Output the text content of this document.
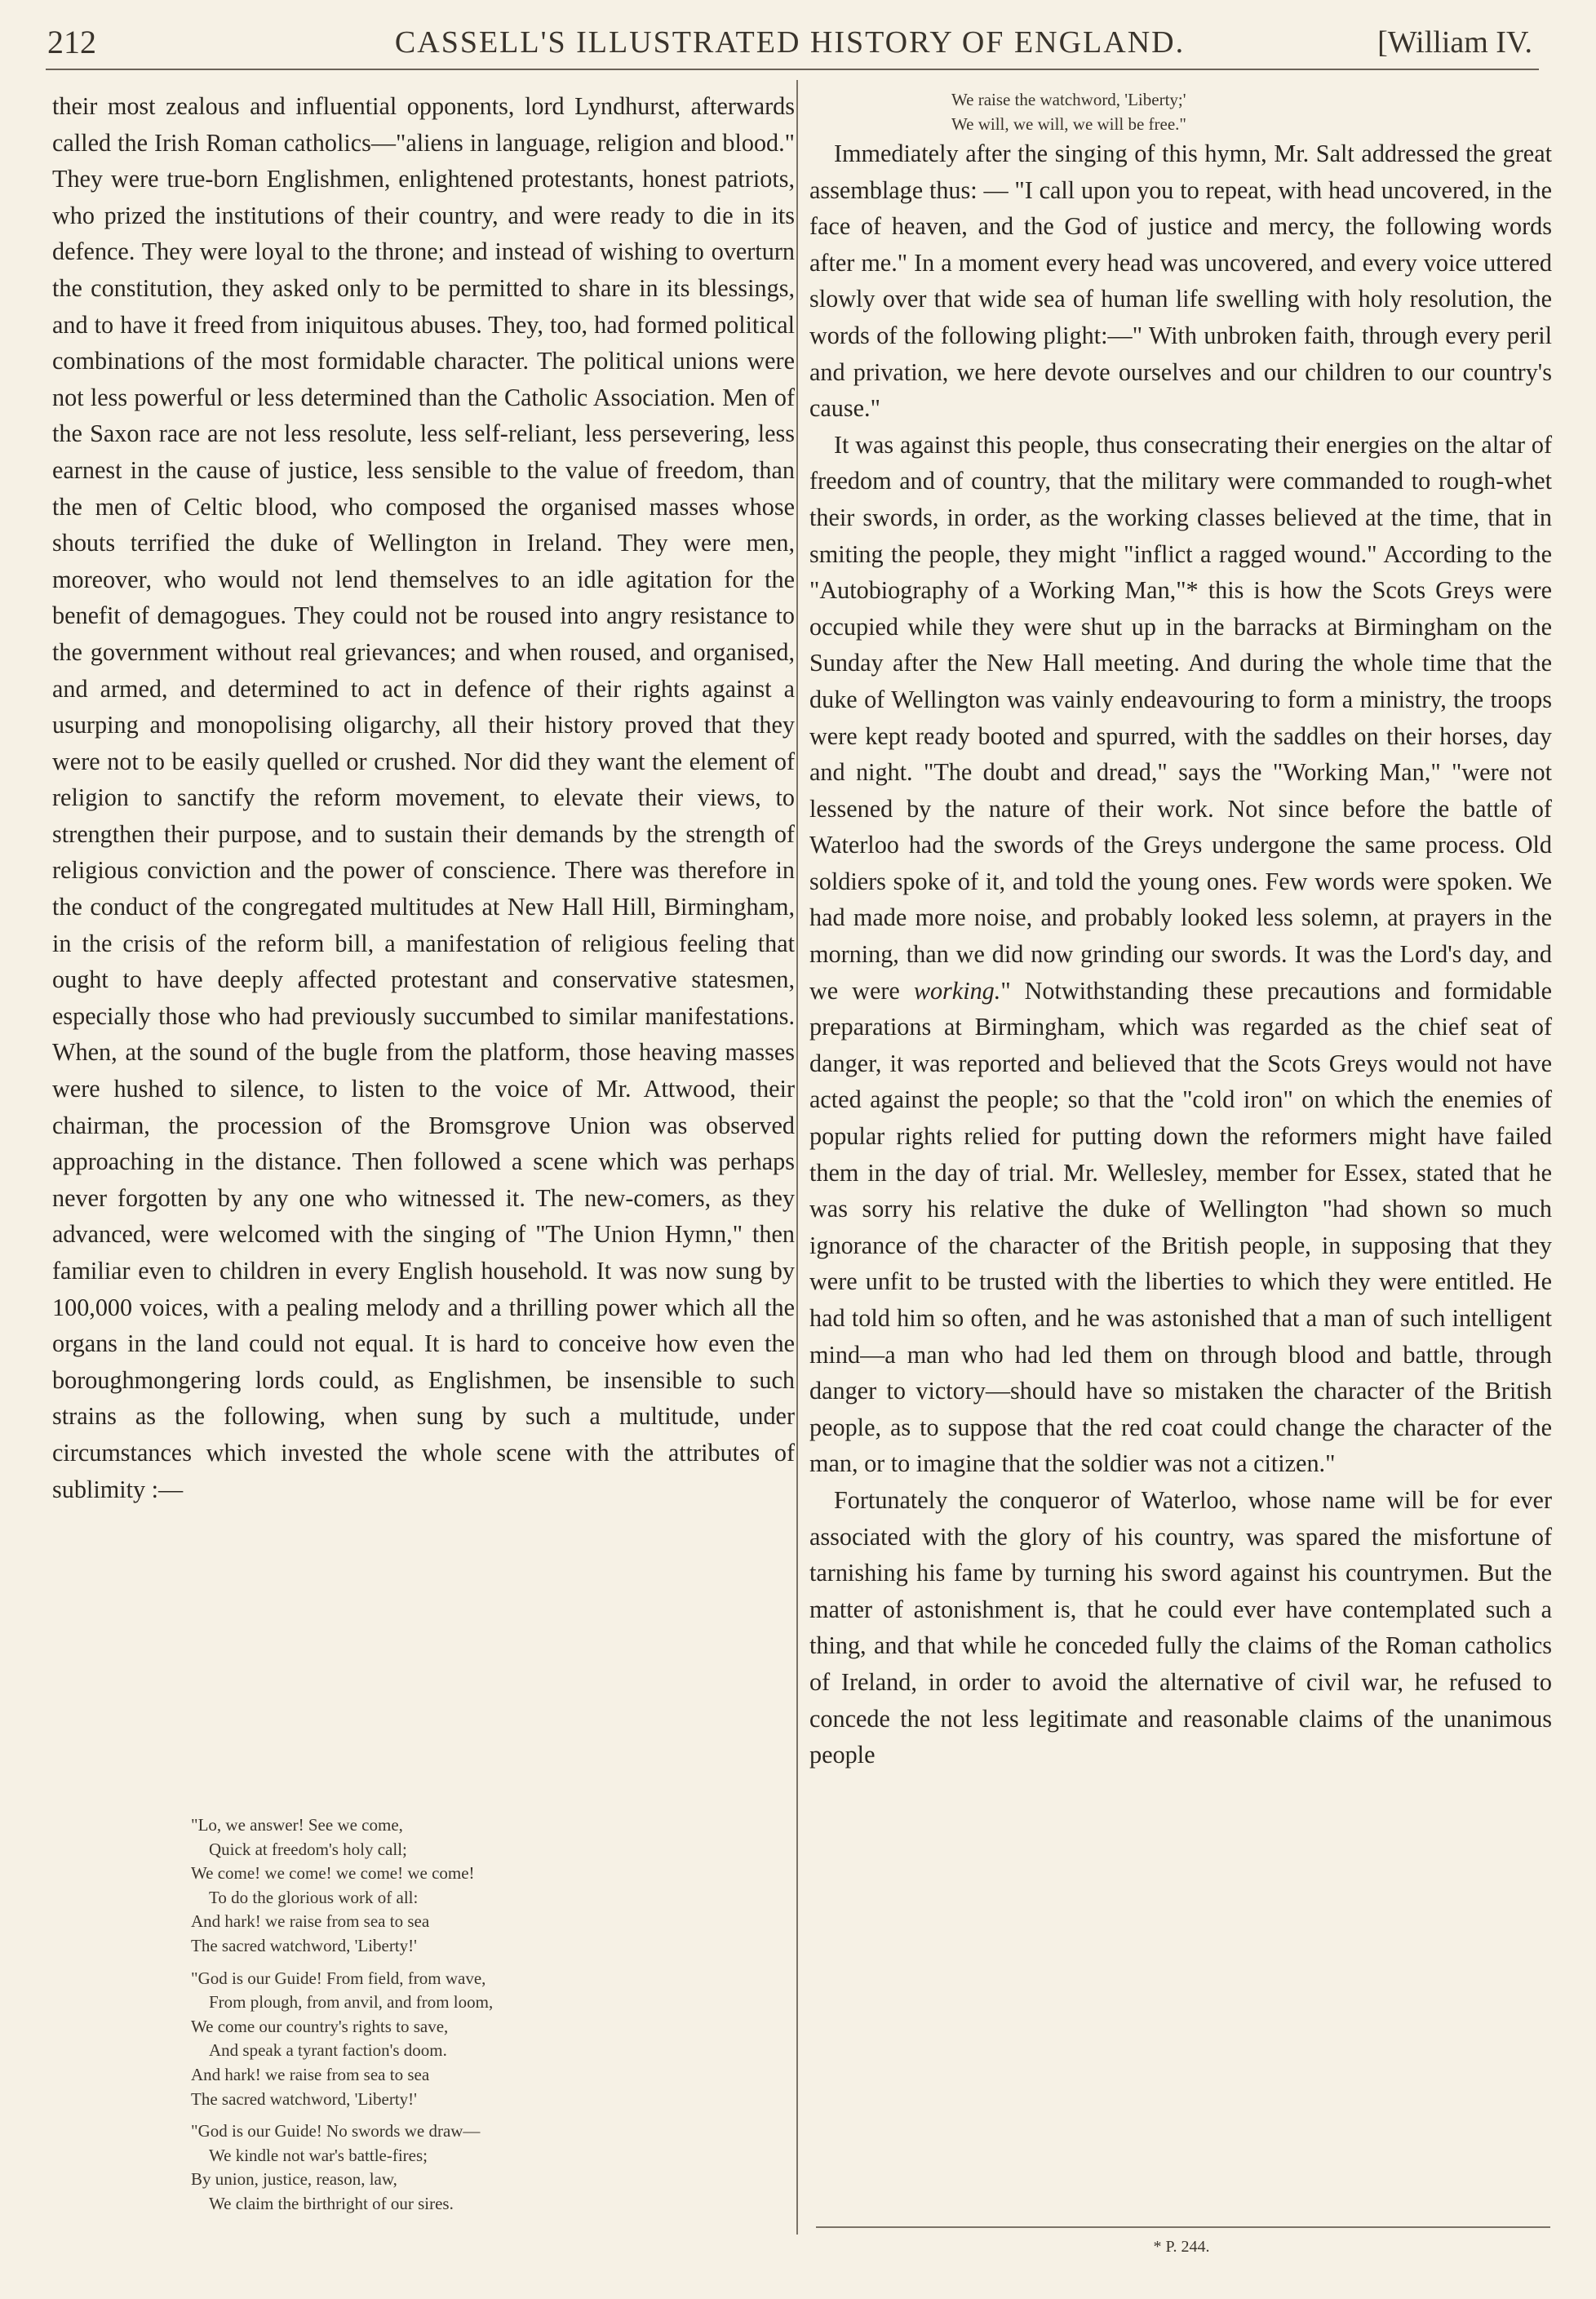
212	CASSELL'S ILLUSTRATED HISTORY OF ENGLAND.	[William IV.

their most zealous and influential opponents, lord Lyndhurst, afterwards called the Irish Roman catholics—"aliens in language, religion and blood." They were true-born Englishmen, enlightened protestants, honest patriots, who prized the institutions of their country, and were ready to die in its defence. They were loyal to the throne; and instead of wishing to overturn the constitution, they asked only to be permitted to share in its blessings, and to have it freed from iniquitous abuses. They, too, had formed political combinations of the most formidable character. The political unions were not less powerful or less determined than the Catholic Association. Men of the Saxon race are not less resolute, less self-reliant, less persevering, less earnest in the cause of justice, less sensible to the value of freedom, than the men of Celtic blood, who composed the organised masses whose shouts terrified the duke of Wellington in Ireland. They were men, moreover, who would not lend themselves to an idle agitation for the benefit of demagogues. They could not be roused into angry resistance to the government without real grievances; and when roused, and organised, and armed, and determined to act in defence of their rights against a usurping and monopolising oligarchy, all their history proved that they were not to be easily quelled or crushed. Nor did they want the element of religion to sanctify the reform movement, to elevate their views, to strengthen their purpose, and to sustain their demands by the strength of religious conviction and the power of conscience. There was therefore in the conduct of the congregated multitudes at New Hall Hill, Birmingham, in the crisis of the reform bill, a manifestation of religious feeling that ought to have deeply affected protestant and conservative statesmen, especially those who had previously succumbed to similar manifestations. When, at the sound of the bugle from the platform, those heaving masses were hushed to silence, to listen to the voice of Mr. Attwood, their chairman, the procession of the Bromsgrove Union was observed approaching in the distance. Then followed a scene which was perhaps never forgotten by any one who witnessed it. The new-comers, as they advanced, were welcomed with the singing of "The Union Hymn," then familiar even to children in every English household. It was now sung by 100,000 voices, with a pealing melody and a thrilling power which all the organs in the land could not equal. It is hard to conceive how even the boroughmongering lords could, as Englishmen, be insensible to such strains as the following, when sung by such a multitude, under circumstances which invested the whole scene with the attributes of sublimity :—

"Lo, we answer! See we come,
Quick at freedom's holy call;
We come! we come! we come! we come!
To do the glorious work of all:
And hark! we raise from sea to sea
The sacred watchword, 'Liberty!'
"God is our Guide! From field, from wave,
From plough, from anvil, and from loom,
We come our country's rights to save,
And speak a tyrant faction's doom.
And hark! we raise from sea to sea
The sacred watchword, 'Liberty!'
"God is our Guide! No swords we draw—
We kindle not war's battle-fires;
By union, justice, reason, law,
We claim the birthright of our sires.
We raise the watchword, 'Liberty;'
We will, we will, we will be free."

Immediately after the singing of this hymn, Mr. Salt addressed the great assemblage thus: — "I call upon you to repeat, with head uncovered, in the face of heaven, and the God of justice and mercy, the following words after me." In a moment every head was uncovered, and every voice uttered slowly over that wide sea of human life swelling with holy resolution, the words of the following plight:—" With unbroken faith, through every peril and privation, we here devote ourselves and our children to our country's cause."

It was against this people, thus consecrating their energies on the altar of freedom and of country, that the military were commanded to rough-whet their swords, in order, as the working classes believed at the time, that in smiting the people, they might "inflict a ragged wound." According to the "Autobiography of a Working Man,"* this is how the Scots Greys were occupied while they were shut up in the barracks at Birmingham on the Sunday after the New Hall meeting. And during the whole time that the duke of Wellington was vainly endeavouring to form a ministry, the troops were kept ready booted and spurred, with the saddles on their horses, day and night. "The doubt and dread," says the "Working Man," "were not lessened by the nature of their work. Not since before the battle of Waterloo had the swords of the Greys undergone the same process. Old soldiers spoke of it, and told the young ones. Few words were spoken. We had made more noise, and probably looked less solemn, at prayers in the morning, than we did now grinding our swords. It was the Lord's day, and we were working." Notwithstanding these precautions and formidable preparations at Birmingham, which was regarded as the chief seat of danger, it was reported and believed that the Scots Greys would not have acted against the people; so that the "cold iron" on which the enemies of popular rights relied for putting down the reformers might have failed them in the day of trial. Mr. Wellesley, member for Essex, stated that he was sorry his relative the duke of Wellington "had shown so much ignorance of the character of the British people, in supposing that they were unfit to be trusted with the liberties to which they were entitled. He had told him so often, and he was astonished that a man of such intelligent mind—a man who had led them on through blood and battle, through danger to victory—should have so mistaken the character of the British people, as to suppose that the red coat could change the character of the man, or to imagine that the soldier was not a citizen."

Fortunately the conqueror of Waterloo, whose name will be for ever associated with the glory of his country, was spared the misfortune of tarnishing his fame by turning his sword against his countrymen. But the matter of astonishment is, that he could ever have contemplated such a thing, and that while he conceded fully the claims of the Roman catholics of Ireland, in order to avoid the alternative of civil war, he refused to concede the not less legitimate and reasonable claims of the unanimous people

* P. 244.
